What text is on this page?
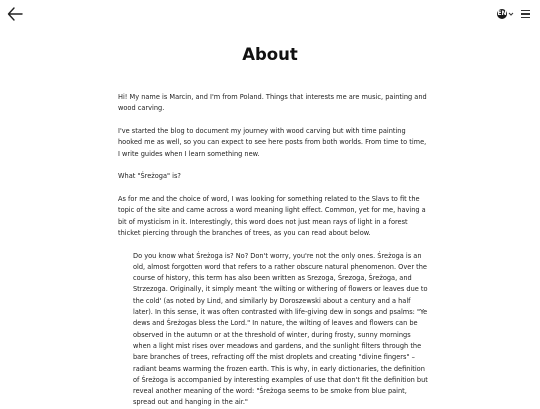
EN
About

Hi! My name is Marcin, and I'm from Poland. Things that interests me are music, painting and wood carving.

I've started the blog to document my journey with wood carving but with time painting hooked me as well, so you can expect to see here posts from both worlds. From time to time, I write guides when I learn something new.

What "Śreżoga" is?

As for me and the choice of word, I was looking for something related to the Slavs to fit the topic of the site and came across a word meaning light effect. Common, yet for me, having a bit of mysticism in it. Interestingly, this word does not just mean rays of light in a forest thicket piercing through the branches of trees, as you can read about below.

Do you know what Śreżoga is? No? Don't worry, you're not the only ones. Śreżoga is an old, almost forgotten word that refers to a rather obscure natural phenomenon. Over the course of history, this term has also been written as Srezoga, Śrezoga, Śreżoga, and Strzezoga. Originally, it simply meant 'the wilting or withering of flowers or leaves due to the cold' (as noted by Lind, and similarly by Doroszewski about a century and a half later). In this sense, it was often contrasted with life-giving dew in songs and psalms: "Ye dews and Śreżogas bless the Lord." In nature, the wilting of leaves and flowers can be observed in the autumn or at the threshold of winter, during frosty, sunny mornings when a light mist rises over meadows and gardens, and the sunlight filters through the bare branches of trees, refracting off the mist droplets and creating "divine fingers" – radiant beams warming the frozen earth. This is why, in early dictionaries, the definition of Śreżoga is accompanied by interesting examples of use that don't fit the definition but reveal another meaning of the word: "Śreżoga seems to be smoke from blue paint, spread out and hanging in the air."
